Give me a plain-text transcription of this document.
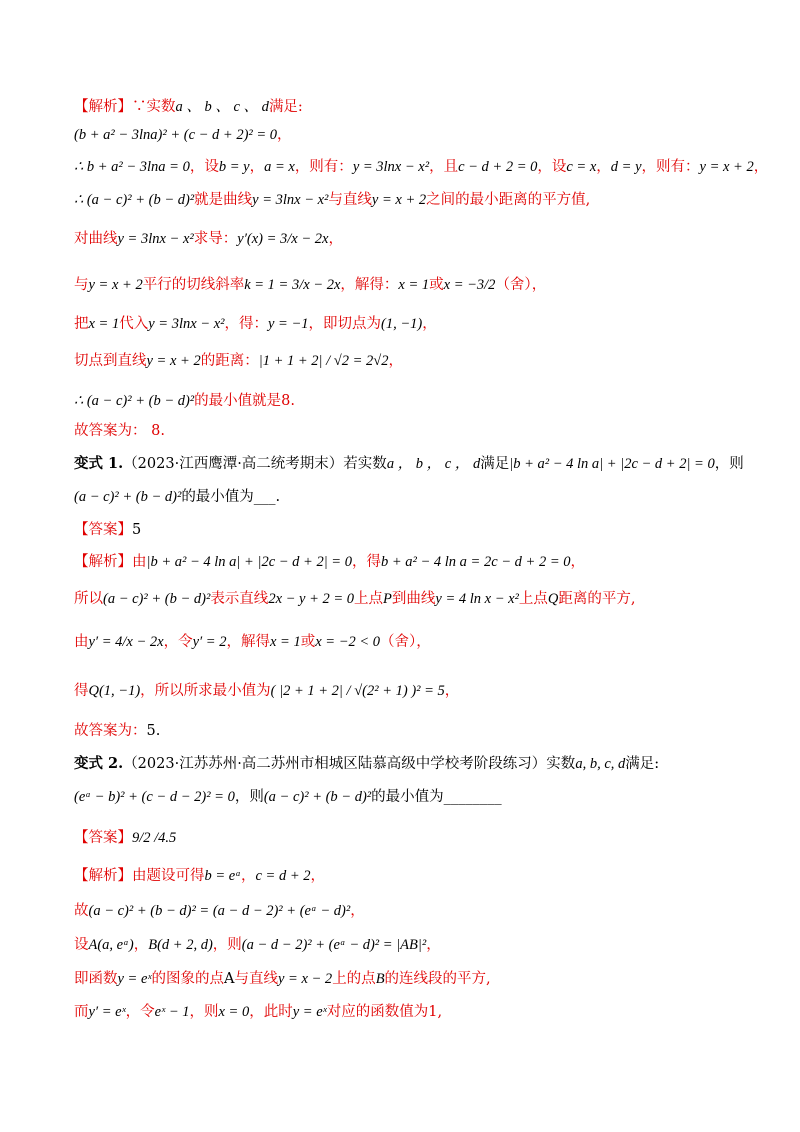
【解析】∵实数a 、 b 、 c 、 d满足:
(b + a² − 3lna)² + (c − d + 2)² = 0，
∴ b + a² − 3lna = 0，设b = y，a = x，则有：y = 3lnx − x²，且c − d + 2 = 0，设c = x，d = y，则有：y = x + 2，
∴ (a − c)² + (b − d)²就是曲线y = 3lnx − x²与直线y = x + 2之间的最小距离的平方值,
对曲线y = 3lnx − x²求导：y′(x) = 3/x − 2x，
与y = x + 2平行的切线斜率k = 1 = 3/x − 2x，解得：x = 1或x = −3/2（舍），
把x = 1代入y = 3lnx − x²，得：y = −1，即切点为(1, −1)，
切点到直线y = x + 2的距离：|1 + 1 + 2| / √2 = 2√2，
∴ (a − c)² + (b − d)²的最小值就是8.
故答案为： 8.
变式 1.（2023·江西鹰潭·高二统考期末）若实数a ， b ， c ， d满足|b + a² − 4 ln a| + |2c − d + 2| = 0，则
(a − c)² + (b − d)²的最小值为___.
【答案】5
【解析】由|b + a² − 4 ln a| + |2c − d + 2| = 0，得b + a² − 4 ln a = 2c − d + 2 = 0，
所以(a − c)² + (b − d)²表示直线2x − y + 2 = 0上点P到曲线y = 4 ln x − x²上点Q距离的平方,
由y′ = 4/x − 2x，令y′ = 2，解得x = 1或x = −2 < 0（舍），
得Q(1, −1)，所以所求最小值为( |2 + 1 + 2| / √(2² + 1) )² = 5，
故答案为：5.
变式 2.（2023·江苏苏州·高二苏州市相城区陆慕高级中学校考阶段练习）实数a, b, c, d满足:
(eᵃ − b)² + (c − d − 2)² = 0，则(a − c)² + (b − d)²的最小值为________
【答案】9/2 /4.5
【解析】由题设可得b = eᵃ，c = d + 2，
故(a − c)² + (b − d)² = (a − d − 2)² + (eᵃ − d)²，
设A(a, eᵃ)，B(d + 2, d)，则(a − d − 2)² + (eᵃ − d)² = |AB|²，
即函数y = eˣ的图象的点A与直线y = x − 2上的点B的连线段的平方,
而y′ = eˣ，令eˣ − 1，则x = 0，此时y = eˣ对应的函数值为1,
